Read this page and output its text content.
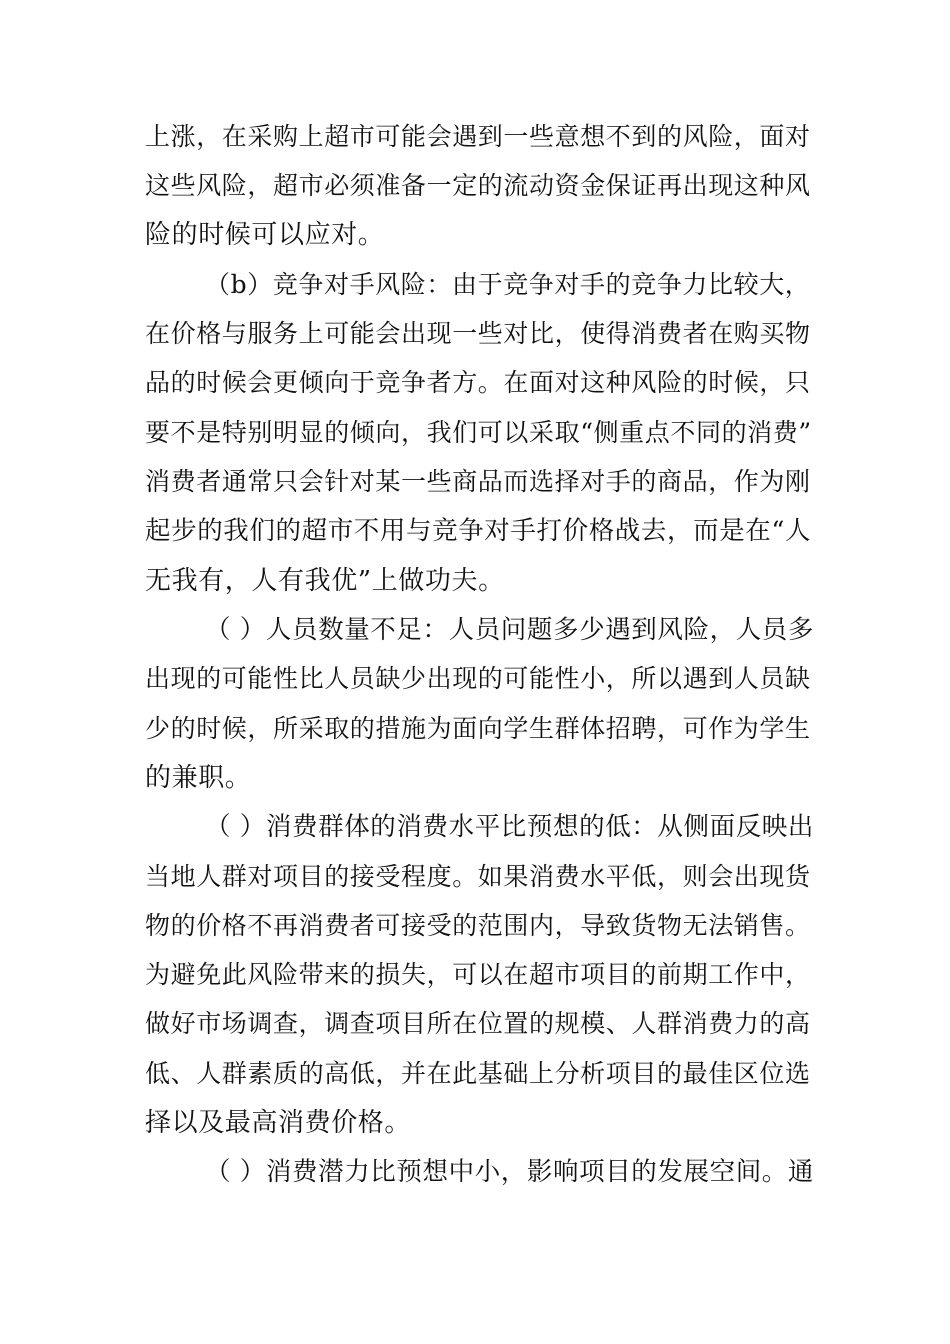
上涨，在采购上超市可能会遇到一些意想不到的风险，面对
这些风险，超市必须准备一定的流动资金保证再出现这种风
险的时候可以应对。
（b）竞争对手风险：由于竞争对手的竞争力比较大，
在价格与服务上可能会出现一些对比，使得消费者在购买物
品的时候会更倾向于竞争者方。在面对这种风险的时候，只
要不是特别明显的倾向，我们可以采取“侧重点不同的消费”
消费者通常只会针对某一些商品而选择对手的商品，作为刚
起步的我们的超市不用与竞争对手打价格战去，而是在“人
无我有，人有我优”上做功夫。
（ ）人员数量不足：人员问题多少遇到风险，人员多
出现的可能性比人员缺少出现的可能性小，所以遇到人员缺
少的时候，所采取的措施为面向学生群体招聘，可作为学生
的兼职。
（ ）消费群体的消费水平比预想的低：从侧面反映出
当地人群对项目的接受程度。如果消费水平低，则会出现货
物的价格不再消费者可接受的范围内，导致货物无法销售。
为避免此风险带来的损失，可以在超市项目的前期工作中，
做好市场调查，调查项目所在位置的规模、人群消费力的高
低、人群素质的高低，并在此基础上分析项目的最佳区位选
择以及最高消费价格。
（ ）消费潜力比预想中小，影响项目的发展空间。通
